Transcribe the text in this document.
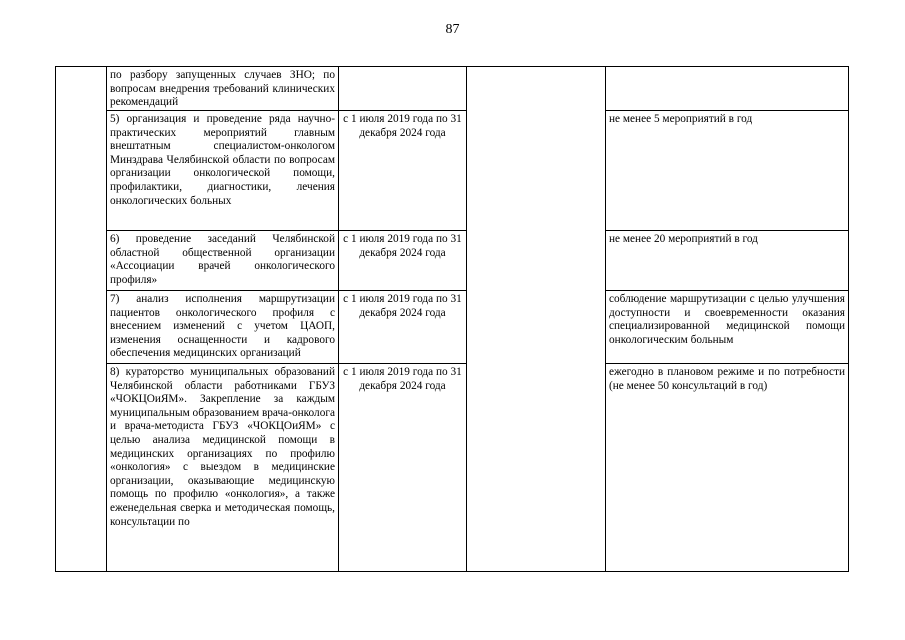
87

	по разбору запущенных случаев ЗНО; по вопросам внедрения требований клинических рекомендаций			

	5) организация и проведение ряда научно-практических мероприятий главным внештатным специалистом-онкологом Минздрава Челябинской области по вопросам организации онкологической помощи, профилактики, диагностики, лечения онкологических больных	с 1 июля 2019 года по 31 декабря 2024 года		не менее 5 мероприятий в год

	6) проведение заседаний Челябинской областной общественной организации «Ассоциации врачей онкологического профиля»	с 1 июля 2019 года по 31 декабря 2024 года		не менее 20 мероприятий в год

	7) анализ исполнения маршрутизации пациентов онкологического профиля с внесением изменений с учетом ЦАОП, изменения оснащенности и кадрового обеспечения медицинских организаций	с 1 июля 2019 года по 31 декабря 2024 года		соблюдение маршрутизации с целью улучшения доступности и своевременности оказания специализированной медицинской помощи онкологическим больным

	8) кураторство муниципальных образований Челябинской области работниками ГБУЗ «ЧОКЦОиЯМ». Закрепление за каждым муниципальным образованием врача-онколога и врача-методиста ГБУЗ «ЧОКЦОиЯМ» с целью анализа медицинской помощи в медицинских организациях по профилю «онкология» с выездом в медицинские организации, оказывающие медицинскую помощь по профилю «онкология», а также еженедельная сверка и методическая помощь, консультации по	с 1 июля 2019 года по 31 декабря 2024 года		ежегодно в плановом режиме и по потребности (не менее 50 консультаций в год)
